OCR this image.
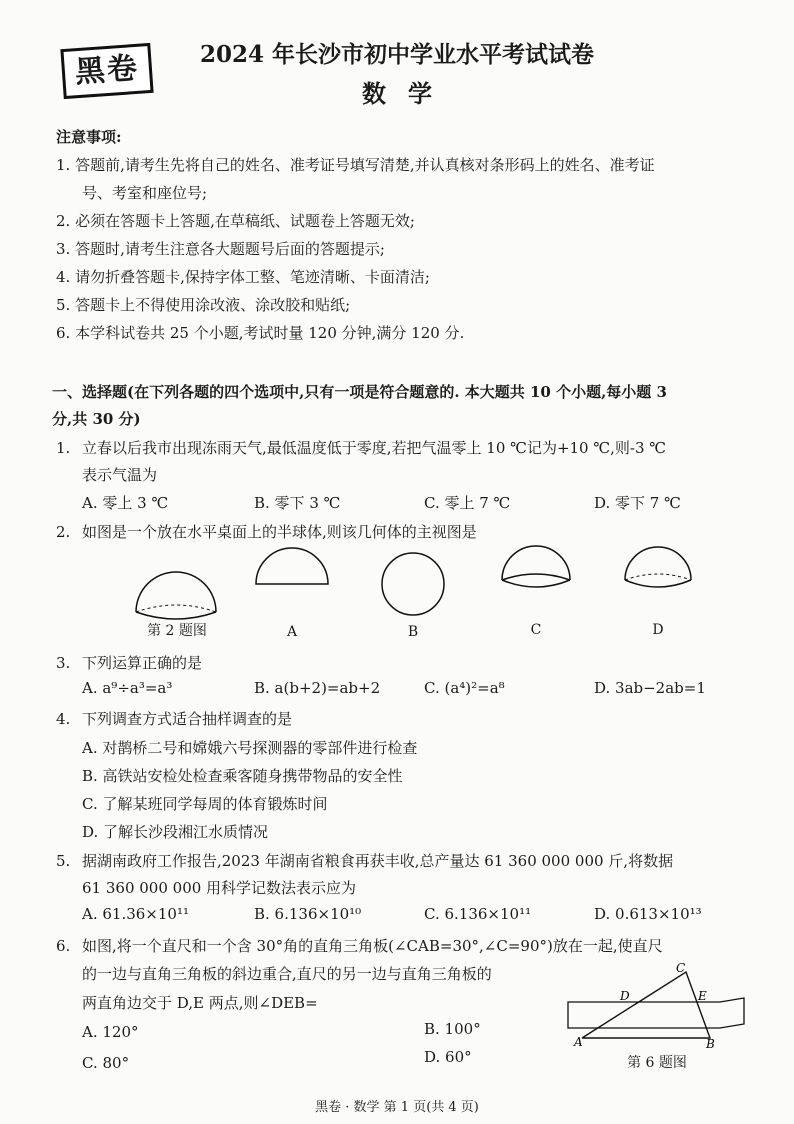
黑卷	2024 年长沙市初中学业水平考试试卷
数学
注意事项:
1. 答题前,请考生先将自己的姓名、准考证号填写清楚,并认真核对条形码上的姓名、准考证
号、考室和座位号;
2. 必须在答题卡上答题,在草稿纸、试题卷上答题无效;
3. 答题时,请考生注意各大题题号后面的答题提示;
4. 请勿折叠答题卡,保持字体工整、笔迹清晰、卡面清洁;
5. 答题卡上不得使用涂改液、涂改胶和贴纸;
6. 本学科试卷共 25 个小题,考试时量 120 分钟,满分 120 分.
一、选择题(在下列各题的四个选项中,只有一项是符合题意的. 本大题共 10 个小题,每小题 3
分,共 30 分)
1. 立春以后我市出现冻雨天气,最低温度低于零度,若把气温零上 10 ℃记为+10 ℃,则-3 ℃
表示气温为
A. 零上 3 ℃	B. 零下 3 ℃	C. 零上 7 ℃	D. 零下 7 ℃
2. 如图是一个放在水平桌面上的半球体,则该几何体的主视图是
第 2 题图	A	B	C	D
3. 下列运算正确的是
A. a⁹÷a³=a³	B. a(b+2)=ab+2	C. (a⁴)²=a⁸	D. 3ab−2ab=1
4. 下列调查方式适合抽样调查的是
A. 对鹊桥二号和嫦娥六号探测器的零部件进行检查
B. 高铁站安检处检查乘客随身携带物品的安全性
C. 了解某班同学每周的体育锻炼时间
D. 了解长沙段湘江水质情况
5. 据湖南政府工作报告,2023 年湖南省粮食再获丰收,总产量达 61 360 000 000 斤,将数据
61 360 000 000 用科学记数法表示应为
A. 61.36×10¹¹	B. 6.136×10¹⁰	C. 6.136×10¹¹	D. 0.613×10¹³
6. 如图,将一个直尺和一个含 30°角的直角三角板(∠CAB=30°,∠C=90°)放在一起,使直尺
的一边与直角三角板的斜边重合,直尺的另一边与直角三角板的
两直角边交于 D,E 两点,则∠DEB=
A. 120°	B. 100°
C. 80°	D. 60°
A	B
C
D	E
第 6 题图
黑卷 · 数学 第 1 页(共 4 页)
